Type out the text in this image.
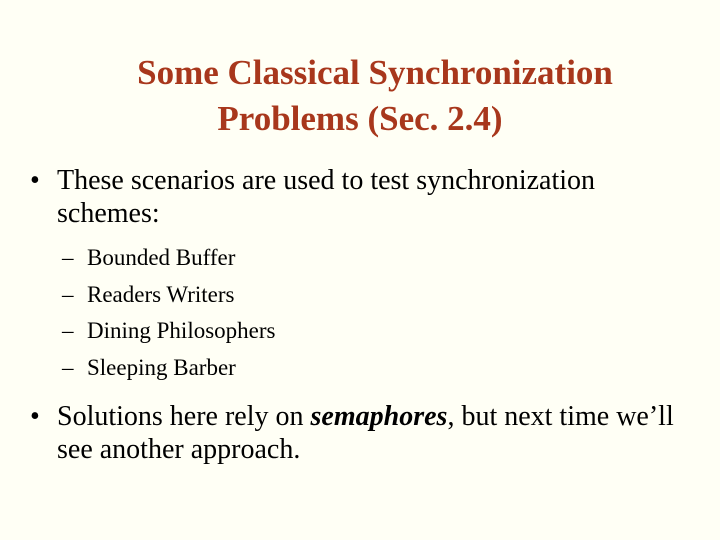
Some Classical Synchronization
Problems (Sec. 2.4)
• These scenarios are used to test synchronization schemes:
– Bounded Buffer
– Readers Writers
– Dining Philosophers
– Sleeping Barber
• Solutions here rely on semaphores, but next time we’ll see another approach.
